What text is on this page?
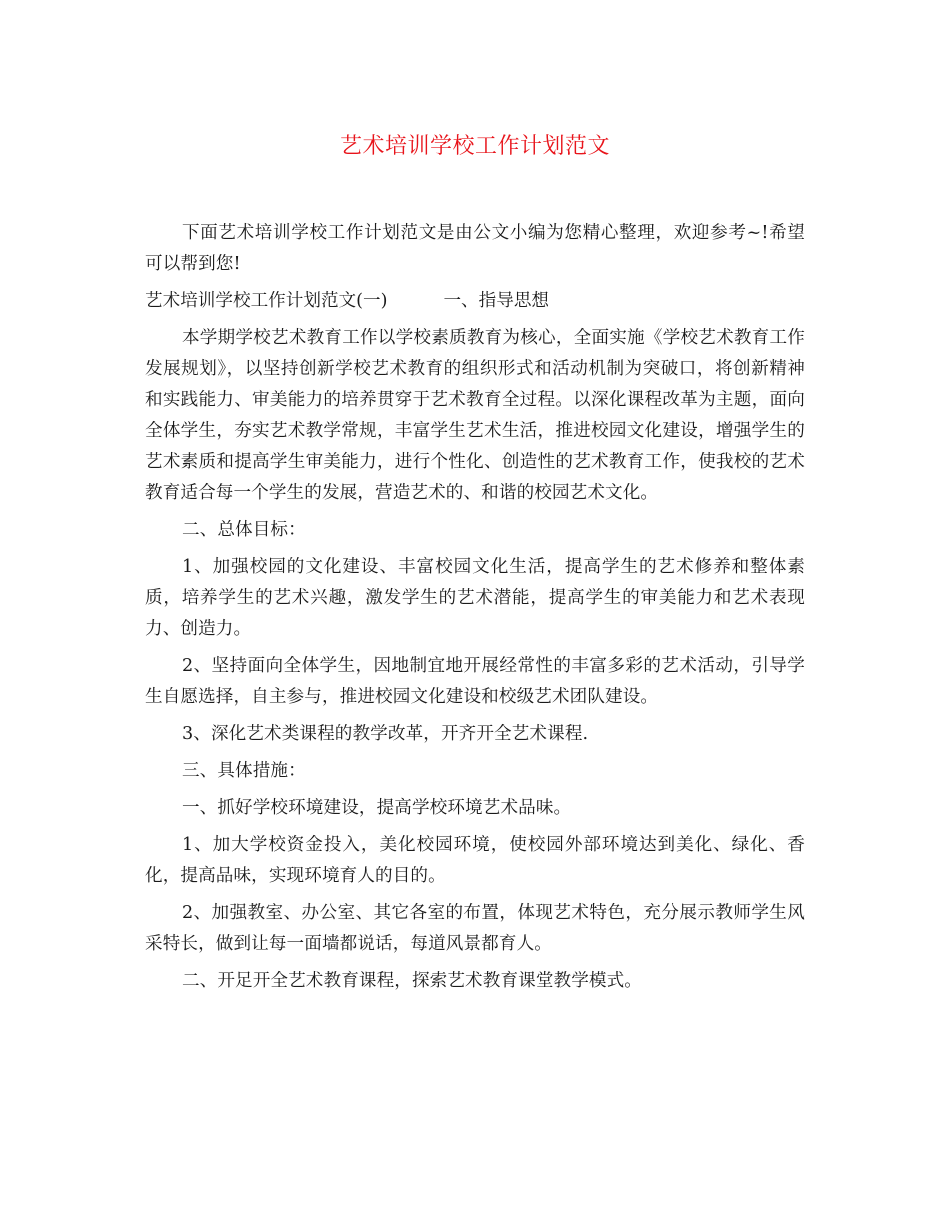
艺术培训学校工作计划范文

下面艺术培训学校工作计划范文是由公文小编为您精心整理，欢迎参考~!希望可以帮到您!

艺术培训学校工作计划范文(一)	一、指导思想

本学期学校艺术教育工作以学校素质教育为核心，全面实施《学校艺术教育工作发展规划》，以坚持创新学校艺术教育的组织形式和活动机制为突破口，将创新精神和实践能力、审美能力的培养贯穿于艺术教育全过程。以深化课程改革为主题，面向全体学生，夯实艺术教学常规，丰富学生艺术生活，推进校园文化建设，增强学生的艺术素质和提高学生审美能力，进行个性化、创造性的艺术教育工作，使我校的艺术教育适合每一个学生的发展，营造艺术的、和谐的校园艺术文化。

二、总体目标：

1、加强校园的文化建设、丰富校园文化生活，提高学生的艺术修养和整体素质，培养学生的艺术兴趣，激发学生的艺术潜能，提高学生的审美能力和艺术表现力、创造力。

2、坚持面向全体学生，因地制宜地开展经常性的丰富多彩的艺术活动，引导学生自愿选择，自主参与，推进校园文化建设和校级艺术团队建设。

3、深化艺术类课程的教学改革，开齐开全艺术课程.

三、具体措施：

一、抓好学校环境建设，提高学校环境艺术品味。

1、加大学校资金投入，美化校园环境，使校园外部环境达到美化、绿化、香化，提高品味，实现环境育人的目的。

2、加强教室、办公室、其它各室的布置，体现艺术特色，充分展示教师学生风采特长，做到让每一面墙都说话，每道风景都育人。

二、开足开全艺术教育课程，探索艺术教育课堂教学模式。
